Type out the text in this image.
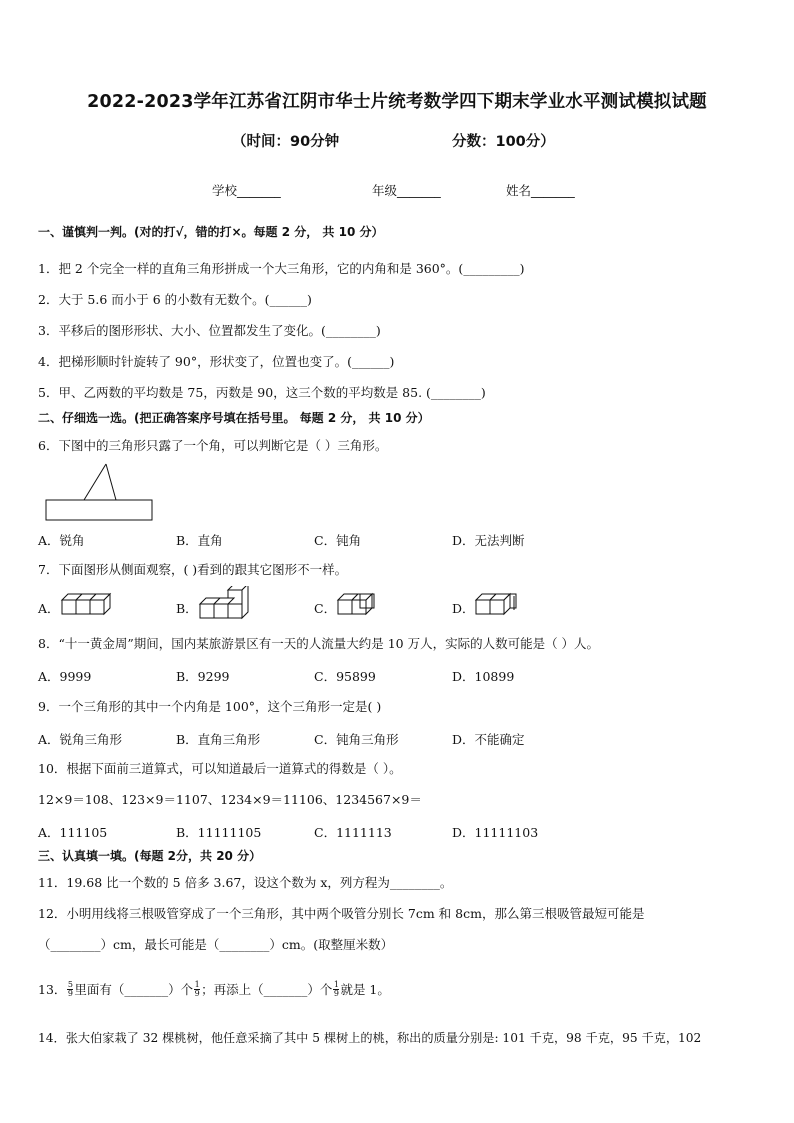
2022-2023学年江苏省江阴市华士片统考数学四下期末学业水平测试模拟试题
（时间：90分钟	分数：100分）
学校_______	年级_______	姓名_______
一、谨慎判一判。(对的打√，错的打×。每题 2 分， 共 10 分）
1．把 2 个完全一样的直角三角形拼成一个大三角形，它的内角和是 360°。(_________)
2．大于 5.6 而小于 6 的小数有无数个。(______)
3．平移后的图形形状、大小、位置都发生了变化。(________)
4．把梯形顺时针旋转了 90°，形状变了，位置也变了。(______)
5．甲、乙两数的平均数是 75，丙数是 90，这三个数的平均数是 85. (________)
二、仔细选一选。(把正确答案序号填在括号里。 每题 2 分， 共 10 分）
6．下图中的三角形只露了一个角，可以判断它是（ ）三角形。
A．锐角	B．直角	C．钝角	D．无法判断
7．下面图形从侧面观察，( )看到的跟其它图形不一样。
A．	B．	C．	D．
8．“十一黄金周”期间，国内某旅游景区有一天的人流量大约是 10 万人，实际的人数可能是（ ）人。
A．9999	B．9299	C．95899	D．10899
9．一个三角形的其中一个内角是 100°，这个三角形一定是( )
A．锐角三角形	B．直角三角形	C．钝角三角形	D．不能确定
10．根据下面前三道算式，可以知道最后一道算式的得数是（ ）。
12×9＝108、123×9＝1107、1234×9＝11106、1234567×9＝
A．111105	B．11111105	C．1111113	D．11111103
三、认真填一填。(每题 2分，共 20 分）
11．19.68 比一个数的 5 倍多 3.67，设这个数为 x，列方程为________。
12．小明用线将三根吸管穿成了一个三角形，其中两个吸管分别长 7cm 和 8cm，那么第三根吸管最短可能是
（________）cm，最长可能是（________）cm。(取整厘米数）
13． 5
9 里面有（_______）个 1
9 ；再添上（_______）个 1
9 就是 1。
14．张大伯家栽了 32 棵桃树，他任意采摘了其中 5 棵树上的桃，称出的质量分别是: 101 千克，98 千克，95 千克，102
